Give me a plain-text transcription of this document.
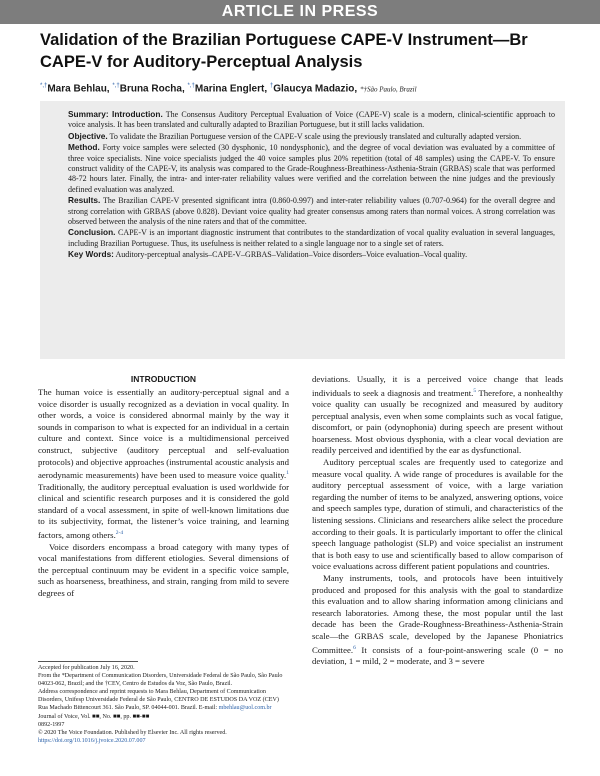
ARTICLE IN PRESS
Validation of the Brazilian Portuguese CAPE-V Instrument—Br
CAPE-V for Auditory-Perceptual Analysis
*,†Mara Behlau, *,†Bruna Rocha, *,†Marina Englert, †Glaucya Madazio, *†São Paulo, Brazil

Summary: Introduction. The Consensus Auditory Perceptual Evaluation of Voice (CAPE-V) scale is a modern, clinical-scientific approach to voice analysis. It has been translated and culturally adapted to Brazilian Portuguese, but it still lacks validation.

Objective. To validate the Brazilian Portuguese version of the CAPE-V scale using the previously translated and culturally adapted version.

Method. Forty voice samples were selected (30 dysphonic, 10 nondysphonic), and the degree of vocal deviation was evaluated by a committee of three voice specialists. Nine voice specialists judged the 40 voice samples plus 20% repetition (total of 48 samples) using the CAPE-V. To ensure construct validity of the CAPE-V, its analysis was compared to the Grade-Roughness-Breathiness-Asthenia-Strain (GRBAS) scale that was performed 48-72 hours later. Finally, the intra- and inter-rater reliability values were verified and the correlation between the nine judges and the previously defined evaluation was analyzed.

Results. The Brazilian CAPE-V presented significant intra (0.860-0.997) and inter-rater reliability values (0.707-0.964) for the overall degree and strong correlation with GRBAS (above 0.828). Deviant voice quality had greater consensus among raters than normal voices. A strong correlation was observed between the analysis of the nine raters and that of the committee.

Conclusion. CAPE-V is an important diagnostic instrument that contributes to the standardization of vocal quality evaluation in several languages, including Brazilian Portuguese. Thus, its usefulness is neither related to a single language nor to a single set of raters.

Key Words: Auditory-perceptual analysis–CAPE-V–GRBAS–Validation–Voice disorders–Voice evaluation–Vocal quality.

INTRODUCTION

The human voice is essentially an auditory-perceptual signal and a voice disorder is usually recognized as a deviation in vocal quality. In other words, a voice is considered abnormal mainly by the way it sounds in comparison to what is expected for an individual in a certain culture and context. Since voice is a multidimensional perceived construct, subjective (auditory perceptual and self-evaluation protocols) and objective approaches (instrumental acoustic analysis and aerodynamic measurements) have been used to measure voice quality.$^1$ Traditionally, the auditory perceptual evaluation is used worldwide for clinical and scientific research purposes and it is considered the gold standard of a vocal assessment, in spite of well-known limitations due to its subjectivity, format, the listener’s voice training, and learning factors, among others.$^{2-4}$

Voice disorders encompass a broad category with many types of vocal manifestations from different etiologies. Several dimensions of the perceptual continuum may be evident in a specific voice sample, such as hoarseness, breathiness, and strain, ranging from mild to severe degrees of

deviations. Usually, it is a perceived voice change that leads individuals to seek a diagnosis and treatment.$^5$ Therefore, a nonhealthy voice quality can usually be recognized and measured by auditory perceptual analysis, even when some complaints such as vocal fatigue, discomfort, or pain (odynophonia) during speech are present without hoarseness. Most obvious dysphonia, with a clear vocal deviation are readily perceived and identified by the ear as dysfunctional.

Auditory perceptual scales are frequently used to categorize and measure vocal quality. A wide range of procedures is available for the auditory perceptual assessment of voice, with a large variation regarding the number of items to be analyzed, answering options, voice and speech samples type, duration of stimuli, and characteristics of the listening sessions. Clinicians and researchers alike select the procedure according to their goals. It is particularly important to offer the clinical speech language pathologist (SLP) and voice specialist an instrument that is both easy to use and scientifically based to allow comparison of voice evaluations across different patient populations and countries.

Many instruments, tools, and protocols have been intuitively produced and proposed for this analysis with the goal to standardize this evaluation and to allow sharing information among clinicians and research laboratories. Among these, the most popular until the last decade has been the Grade-Roughness-Breathiness-Asthenia-Strain scale—the GRBAS scale, developed by the Japanese Phoniatrics Committee.$^6$ It consists of a four-point-answering scale (0 = no deviation, 1 = mild, 2 = moderate, and 3 = severe

Accepted for publication July 16, 2020.

From the *Department of Communication Disorders, Universidade Federal de São Paulo, São Paulo 04023-062, Brazil; and the †CEV, Centro de Estudos da Voz, São Paulo, Brazil.

Address correspondence and reprint requests to Mara Behlau, Department of Communication Disorders, Unifesp Universidade Federal de São Paulo, CENTRO DE ESTUDOS DA VOZ (CEV) Rua Machado Bittencourt 361. São Paulo, SP. 04044-001. Brazil. E-mail: mbehlau@uol.com.br

Journal of Voice, Vol. ■■, No. ■■, pp. ■■-■■

0892-1997

© 2020 The Voice Foundation. Published by Elsevier Inc. All rights reserved.

https://doi.org/10.1016/j.jvoice.2020.07.007
